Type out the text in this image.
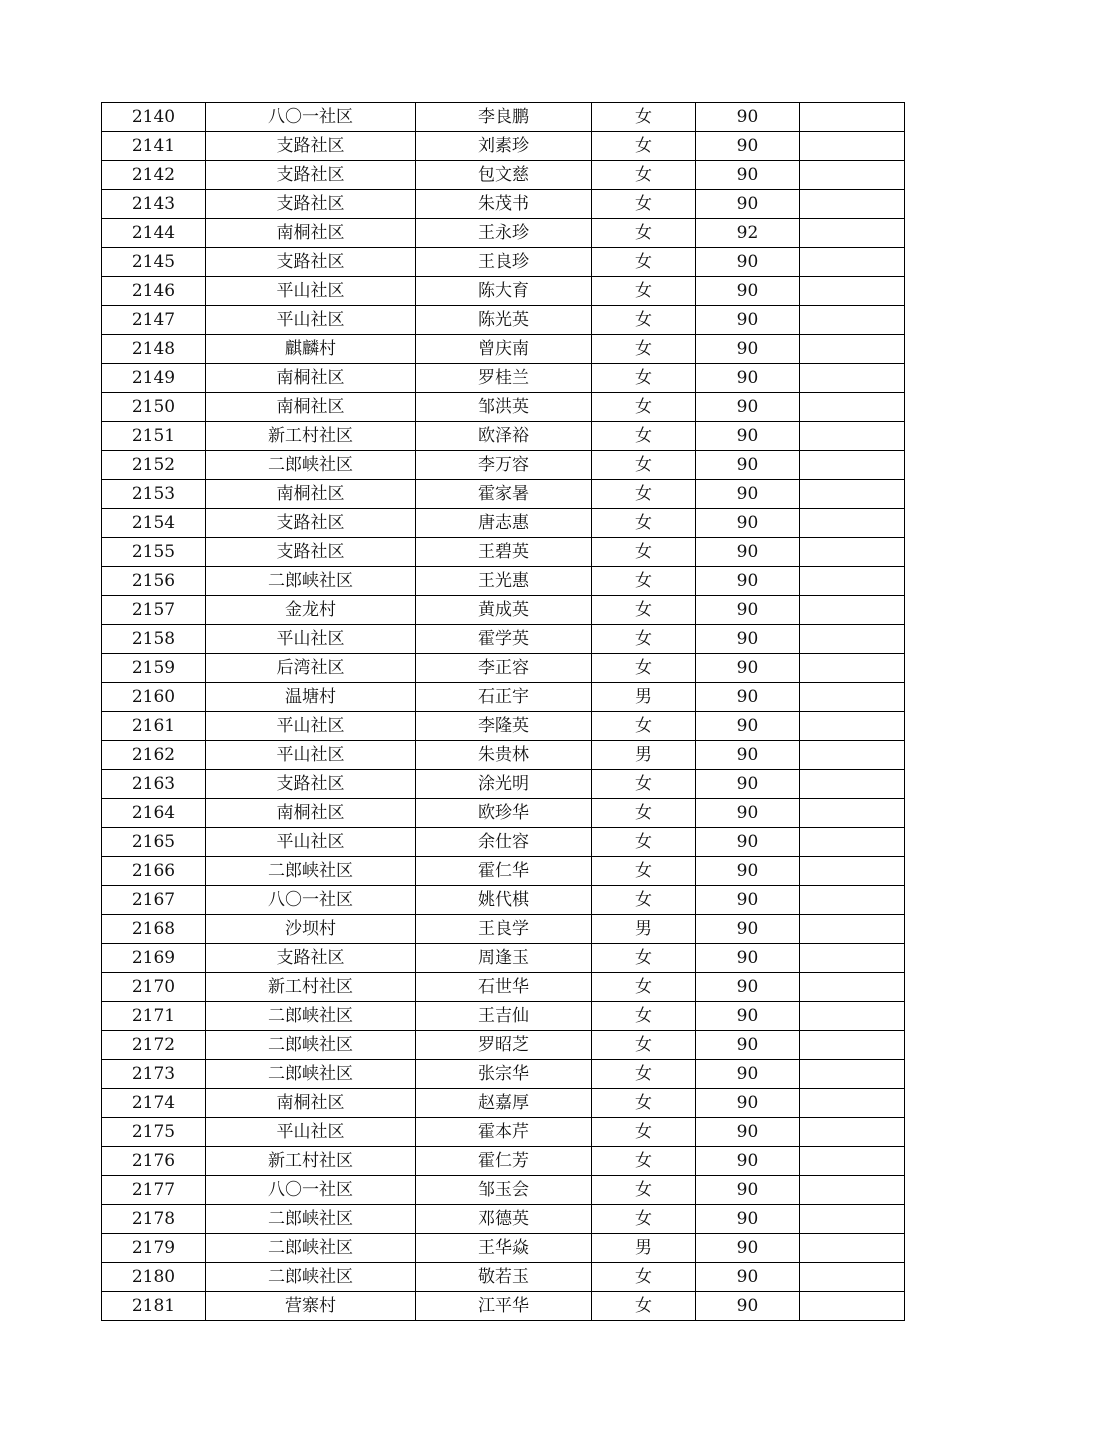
2140	八〇一社区	李良鹏	女	90	
2141	支路社区	刘素珍	女	90	
2142	支路社区	包文慈	女	90	
2143	支路社区	朱茂书	女	90	
2144	南桐社区	王永珍	女	92	
2145	支路社区	王良珍	女	90	
2146	平山社区	陈大育	女	90	
2147	平山社区	陈光英	女	90	
2148	麒麟村	曾庆南	女	90	
2149	南桐社区	罗桂兰	女	90	
2150	南桐社区	邹洪英	女	90	
2151	新工村社区	欧泽裕	女	90	
2152	二郎峡社区	李万容	女	90	
2153	南桐社区	霍家暑	女	90	
2154	支路社区	唐志惠	女	90	
2155	支路社区	王碧英	女	90	
2156	二郎峡社区	王光惠	女	90	
2157	金龙村	黄成英	女	90	
2158	平山社区	霍学英	女	90	
2159	后湾社区	李正容	女	90	
2160	温塘村	石正宇	男	90	
2161	平山社区	李隆英	女	90	
2162	平山社区	朱贵林	男	90	
2163	支路社区	涂光明	女	90	
2164	南桐社区	欧珍华	女	90	
2165	平山社区	余仕容	女	90	
2166	二郎峡社区	霍仁华	女	90	
2167	八〇一社区	姚代棋	女	90	
2168	沙坝村	王良学	男	90	
2169	支路社区	周逢玉	女	90	
2170	新工村社区	石世华	女	90	
2171	二郎峡社区	王吉仙	女	90	
2172	二郎峡社区	罗昭芝	女	90	
2173	二郎峡社区	张宗华	女	90	
2174	南桐社区	赵嘉厚	女	90	
2175	平山社区	霍本芹	女	90	
2176	新工村社区	霍仁芳	女	90	
2177	八〇一社区	邹玉会	女	90	
2178	二郎峡社区	邓德英	女	90	
2179	二郎峡社区	王华焱	男	90	
2180	二郎峡社区	敬若玉	女	90	
2181	营寨村	江平华	女	90	
